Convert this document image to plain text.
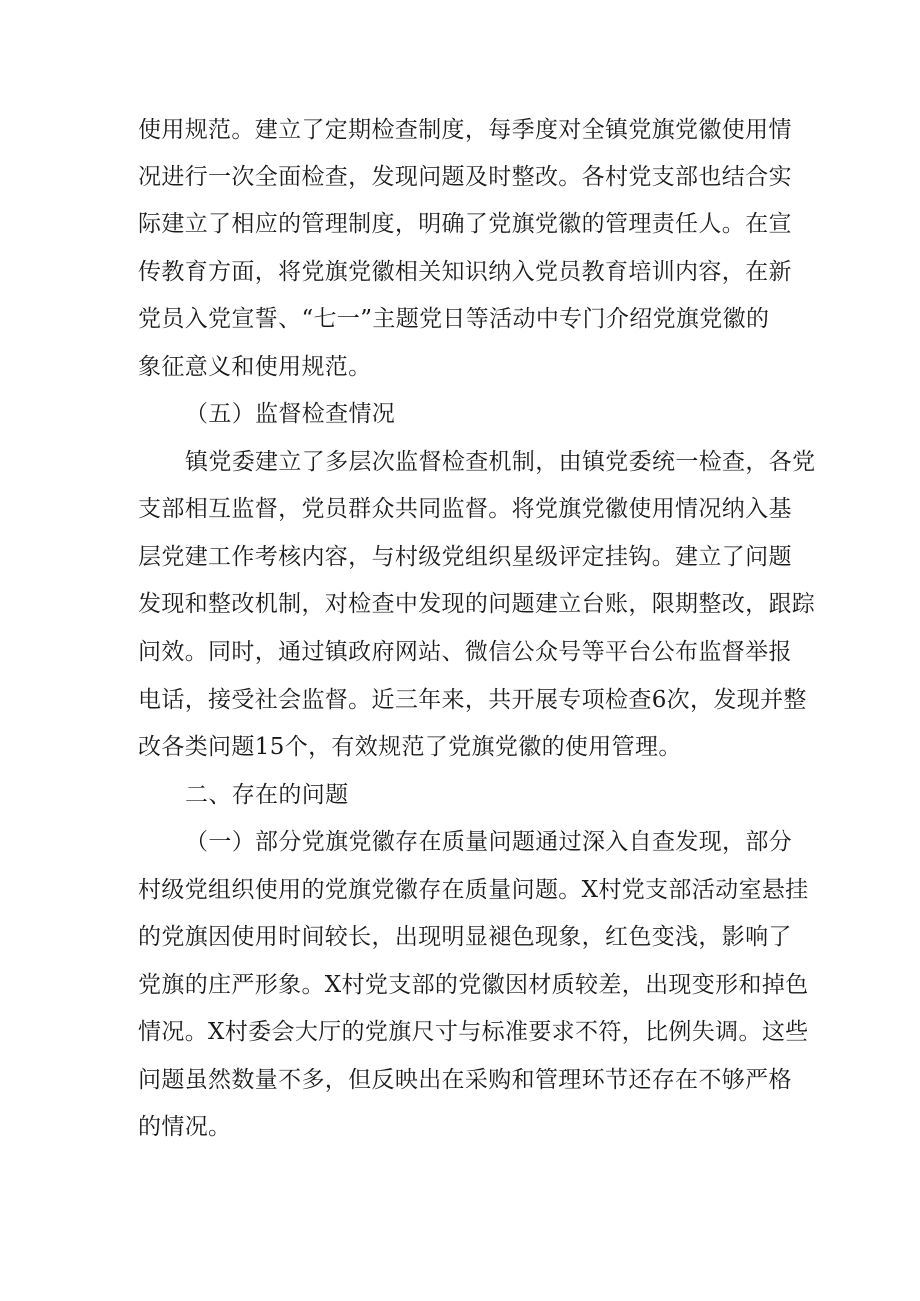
使用规范。建立了定期检查制度，每季度对全镇党旗党徽使用情
况进行一次全面检查，发现问题及时整改。各村党支部也结合实
际建立了相应的管理制度，明确了党旗党徽的管理责任人。在宣
传教育方面，将党旗党徽相关知识纳入党员教育培训内容，在新
党员入党宣誓、“七一”主题党日等活动中专门介绍党旗党徽的
象征意义和使用规范。
（五）监督检查情况
镇党委建立了多层次监督检查机制，由镇党委统一检查，各党
支部相互监督，党员群众共同监督。将党旗党徽使用情况纳入基
层党建工作考核内容，与村级党组织星级评定挂钩。建立了问题
发现和整改机制，对检查中发现的问题建立台账，限期整改，跟踪
问效。同时，通过镇政府网站、微信公众号等平台公布监督举报
电话，接受社会监督。近三年来，共开展专项检查6次，发现并整
改各类问题15个，有效规范了党旗党徽的使用管理。
二、存在的问题
（一）部分党旗党徽存在质量问题通过深入自查发现，部分
村级党组织使用的党旗党徽存在质量问题。X村党支部活动室悬挂
的党旗因使用时间较长，出现明显褪色现象，红色变浅，影响了
党旗的庄严形象。X村党支部的党徽因材质较差，出现变形和掉色
情况。X村委会大厅的党旗尺寸与标准要求不符，比例失调。这些
问题虽然数量不多，但反映出在采购和管理环节还存在不够严格
的情况。
